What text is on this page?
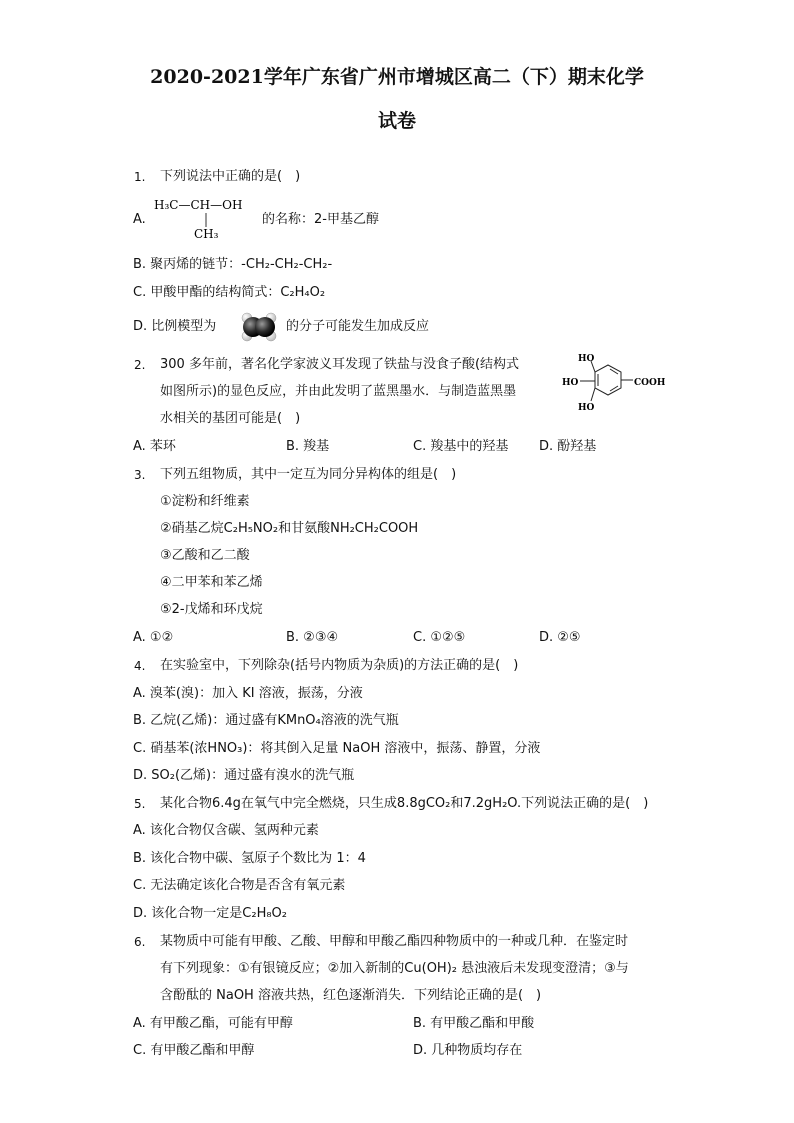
2020-2021学年广东省广州市增城区高二（下）期末化学
试卷
1. 下列说法中正确的是(　)
A.
H₃C—CH—OH
CH₃
的名称：2-甲基乙醇
B. 聚丙烯的链节：-CH₂-CH₂-CH₂-
C. 甲酸甲酯的结构简式：C₂H₄O₂
D. 比例模型为	的分子可能发生加成反应
2. 300 多年前，著名化学家波义耳发现了铁盐与没食子酸(结构式
如图所示)的显色反应，并由此发明了蓝黑墨水．与制造蓝黑墨
水相关的基团可能是(　)
HO
HO
HO
COOH
A. 苯环	B. 羧基	C. 羧基中的羟基 D. 酚羟基
3. 下列五组物质，其中一定互为同分异构体的组是(　)
①淀粉和纤维素
②硝基乙烷C₂H₅NO₂和甘氨酸NH₂CH₂COOH
③乙酸和乙二酸
④二甲苯和苯乙烯
⑤2-戊烯和环戊烷
A. ①②	B. ②③④	C. ①②⑤	D. ②⑤
4. 在实验室中，下列除杂(括号内物质为杂质)的方法正确的是(　)
A. 溴苯(溴)：加入 KI 溶液，振荡，分液
B. 乙烷(乙烯)：通过盛有KMnO₄溶液的洗气瓶
C. 硝基苯(浓HNO₃)：将其倒入足量 NaOH 溶液中，振荡、静置，分液
D. SO₂(乙烯)：通过盛有溴水的洗气瓶
5. 某化合物6.4g在氧气中完全燃烧，只生成8.8gCO₂和7.2gH₂O.下列说法正确的是(　)
A. 该化合物仅含碳、氢两种元素
B. 该化合物中碳、氢原子个数比为 1：4
C. 无法确定该化合物是否含有氧元素
D. 该化合物一定是C₂H₈O₂
6. 某物质中可能有甲酸、乙酸、甲醇和甲酸乙酯四种物质中的一种或几种．在鉴定时
有下列现象：①有银镜反应；②加入新制的Cu(OH)₂ 悬浊液后未发现变澄清；③与
含酚酞的 NaOH 溶液共热，红色逐渐消失．下列结论正确的是(　)
A. 有甲酸乙酯，可能有甲醇	B. 有甲酸乙酯和甲酸
C. 有甲酸乙酯和甲醇	D. 几种物质均存在
